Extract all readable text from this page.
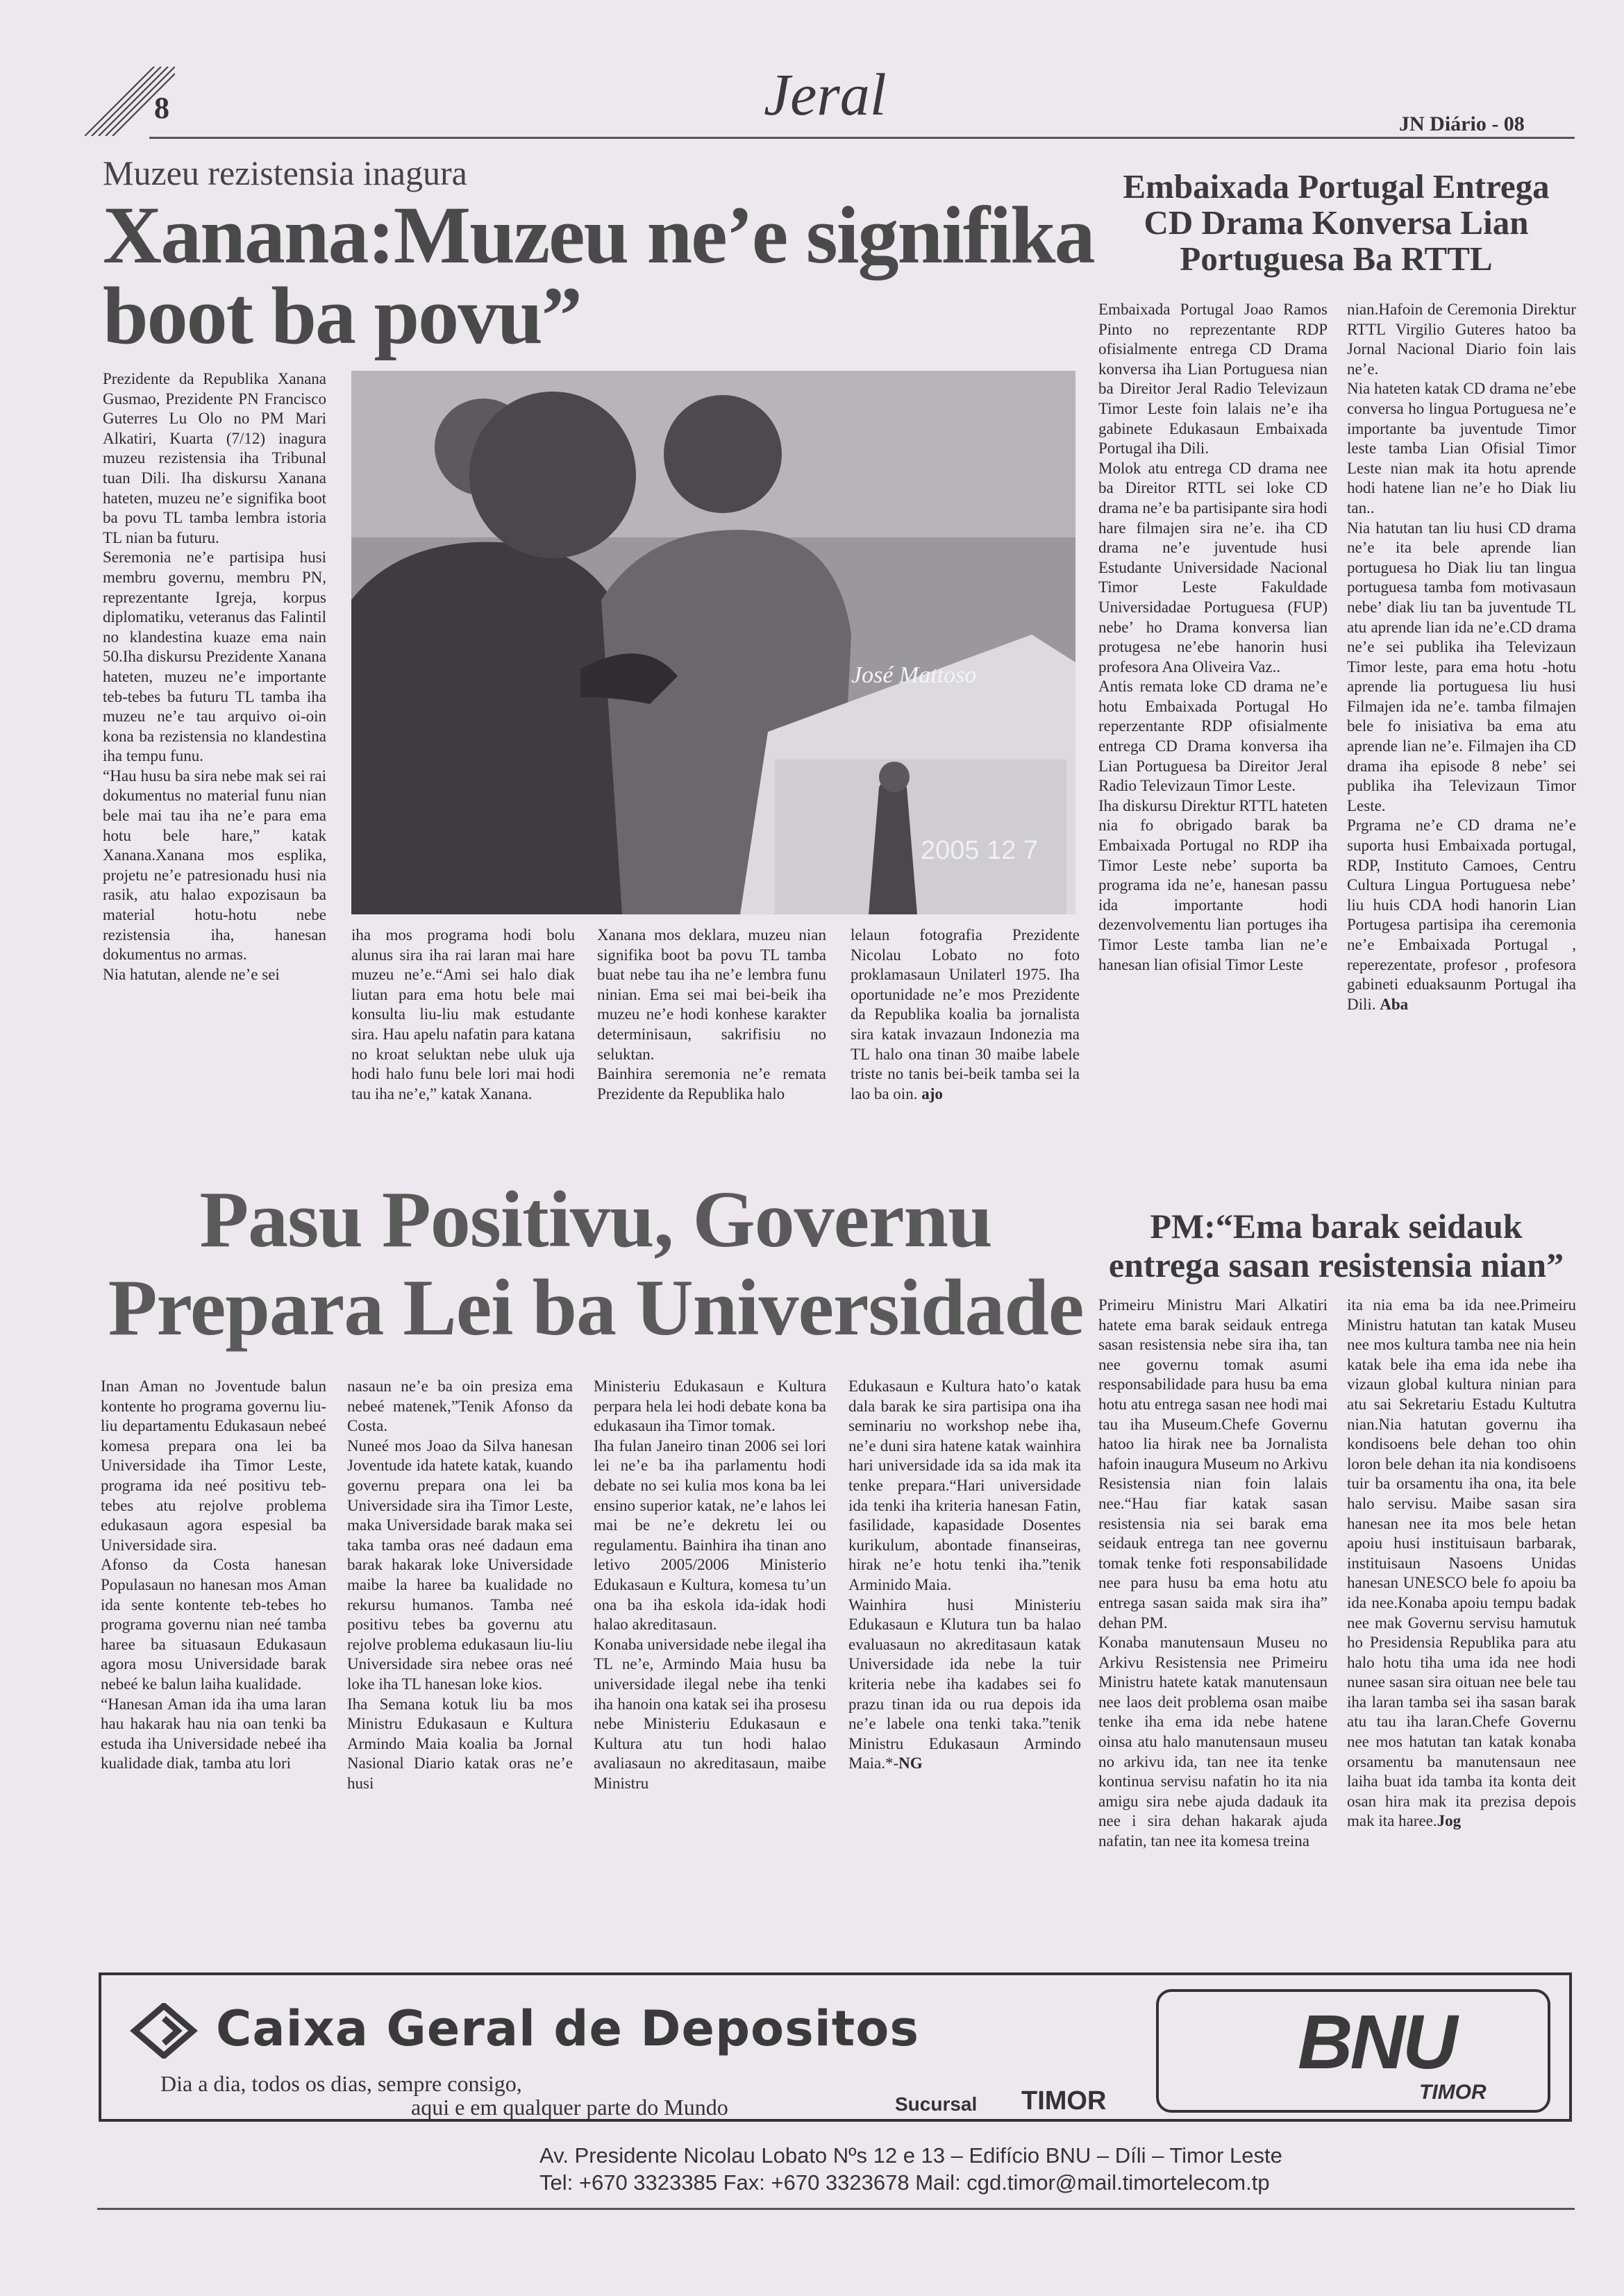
8	Jeral	JN Diário - 08
Muzeu rezistensia inagura
Xanana:Muzeu ne’e signifika
boot ba povu”
Prezidente da Republika Xanana Gusmao, Prezidente PN Francisco Guterres Lu Olo no PM Mari Alkatiri, Kuarta (7/12) inagura muzeu rezistensia iha Tribunal tuan Dili. Iha diskursu Xanana hateten, muzeu ne’e signifika boot ba povu TL tamba lembra istoria TL nian ba futuru.
Seremonia ne’e partisipa husi membru governu, membru PN, reprezentante Igreja, korpus diplomatiku, veteranus das Falintil no klandestina kuaze ema nain 50.Iha diskursu Prezidente Xanana hateten, muzeu ne’e importante teb-tebes ba futuru TL tamba iha muzeu ne’e tau arquivo oi-oin kona ba rezistensia no klandestina iha tempu funu.
“Hau husu ba sira nebe mak sei rai dokumentus no material funu nian bele mai tau iha ne’e para ema hotu bele hare,” katak Xanana.Xanana mos esplika, projetu ne’e patresionadu husi nia rasik, atu halao expozisaun ba material hotu-hotu nebe rezistensia iha, hanesan dokumentus no armas.
Nia hatutan, alende ne’e sei
José Mattoso
2005 12 7
iha mos programa hodi bolu alunus sira iha rai laran mai hare muzeu ne’e.“Ami sei halo diak liutan para ema hotu bele mai konsulta liu-liu mak estudante sira. Hau apelu nafatin para katana no kroat seluktan nebe uluk uja hodi halo funu bele lori mai hodi tau iha ne’e,” katak Xanana.
Xanana mos deklara, muzeu nian signifika boot ba povu TL tamba buat nebe tau iha ne’e lembra funu ninian. Ema sei mai bei-beik iha muzeu ne’e hodi konhese karakter determinisaun, sakrifisiu no seluktan.
Bainhira seremonia ne’e remata Prezidente da Republika halo
lelaun fotografia Prezidente Nicolau Lobato no foto proklamasaun Unilaterl 1975. Iha oportunidade ne’e mos Prezidente da Republika koalia ba jornalista sira katak invazaun Indonezia ma TL halo ona tinan 30 maibe labele triste no tanis bei-beik tamba sei la lao ba oin. ajo
Embaixada Portugal Entrega CD Drama Konversa Lian Portuguesa Ba RTTL
Embaixada Portugal Joao Ramos Pinto no reprezentante RDP ofisialmente entrega CD Drama konversa iha Lian Portuguesa nian ba Direitor Jeral Radio Televizaun Timor Leste foin lalais ne’e iha gabinete Edukasaun Embaixada Portugal iha Dili.
Molok atu entrega CD drama nee ba Direitor RTTL sei loke CD drama ne’e ba partisipante sira hodi hare filmajen sira ne’e. iha CD drama ne’e juventude husi Estudante Universidade Nacional Timor Leste Fakuldade Universidadae Portuguesa (FUP) nebe’ ho Drama konversa lian protugesa ne’ebe hanorin husi profesora Ana Oliveira Vaz..
Antis remata loke CD drama ne’e hotu Embaixada Portugal Ho reperzentante RDP ofisialmente entrega CD Drama konversa iha Lian Portuguesa ba Direitor Jeral Radio Televizaun Timor Leste.
Iha diskursu Direktur RTTL hateten nia fo obrigado barak ba Embaixada Portugal no RDP iha Timor Leste nebe’ suporta ba programa ida ne’e, hanesan passu ida importante hodi dezenvolvementu lian portuges iha Timor Leste tamba lian ne’e hanesan lian ofisial Timor Leste
nian.Hafoin de Ceremonia Direktur RTTL Virgilio Guteres hatoo ba Jornal Nacional Diario foin lais ne’e.
Nia hateten katak CD drama ne’ebe conversa ho lingua Portuguesa ne’e importante ba juventude Timor leste tamba Lian Ofisial Timor Leste nian mak ita hotu aprende hodi hatene lian ne’e ho Diak liu tan..
Nia hatutan tan liu husi CD drama ne’e ita bele aprende lian portuguesa ho Diak liu tan lingua portuguesa tamba fom motivasaun nebe’ diak liu tan ba juventude TL atu aprende lian ida ne’e.CD drama ne’e sei publika iha Televizaun Timor leste, para ema hotu -hotu aprende lia portuguesa liu husi Filmajen ida ne’e. tamba filmajen bele fo inisiativa ba ema atu aprende lian ne’e. Filmajen iha CD drama iha episode 8 nebe’ sei publika iha Televizaun Timor Leste.
Prgrama ne’e CD drama ne’e suporta husi Embaixada portugal, RDP, Instituto Camoes, Centru Cultura Lingua Portuguesa nebe’ liu huis CDA hodi hanorin Lian Portugesa partisipa iha ceremonia ne’e Embaixada Portugal , reperezentate, profesor , profesora gabineti eduaksaunm Portugal iha Dili. Aba
PM:“Ema barak seidauk entrega sasan resistensia nian”
Primeiru Ministru Mari Alkatiri hatete ema barak seidauk entrega sasan resistensia nebe sira iha, tan nee governu tomak asumi responsabilidade para husu ba ema hotu atu entrega sasan nee hodi mai tau iha Museum.Chefe Governu hatoo lia hirak nee ba Jornalista hafoin inaugura Museum no Arkivu Resistensia nian foin lalais nee.“Hau fiar katak sasan resistensia nia sei barak ema seidauk entrega tan nee governu tomak tenke foti responsabilidade nee para husu ba ema hotu atu entrega sasan saida mak sira iha” dehan PM.
Konaba manutensaun Museu no Arkivu Resistensia nee Primeiru Ministru hatete katak manutensaun nee laos deit problema osan maibe tenke iha ema ida nebe hatene oinsa atu halo manutensaun museu no arkivu ida, tan nee ita tenke kontinua servisu nafatin ho ita nia amigu sira nebe ajuda dadauk ita nee i sira dehan hakarak ajuda nafatin, tan nee ita komesa treina
ita nia ema ba ida nee.Primeiru Ministru hatutan tan katak Museu nee mos kultura tamba nee nia hein katak bele iha ema ida nebe iha vizaun global kultura ninian para atu sai Sekretariu Estadu Kultutra nian.Nia hatutan governu iha kondisoens bele dehan too ohin loron bele dehan ita nia kondisoens tuir ba orsamentu iha ona, ita bele halo servisu. Maibe sasan sira hanesan nee ita mos bele hetan apoiu husi instituisaun barbarak, instituisaun Nasoens Unidas hanesan UNESCO bele fo apoiu ba ida nee.Konaba apoiu tempu badak nee mak Governu servisu hamutuk ho Presidensia Republika para atu halo hotu tiha uma ida nee hodi nunee sasan sira oituan nee bele tau iha laran tamba sei iha sasan barak atu tau iha laran.Chefe Governu nee mos hatutan tan katak konaba orsamentu ba manutensaun nee laiha buat ida tamba ita konta deit osan hira mak ita prezisa depois mak ita haree.Jog
Pasu Positivu, Governu
Prepara Lei ba Universidade
Inan Aman no Joventude balun kontente ho programa governu liu-liu departamentu Edukasaun nebeé komesa prepara ona lei ba Universidade iha Timor Leste, programa ida neé positivu teb-tebes atu rejolve problema edukasaun agora espesial ba Universidade sira.
Afonso da Costa hanesan Populasaun no hanesan mos Aman ida sente kontente teb-tebes ho programa governu nian neé tamba haree ba situasaun Edukasaun agora mosu Universidade barak nebeé ke balun laiha kualidade.
“Hanesan Aman ida iha uma laran hau hakarak hau nia oan tenki ba estuda iha Universidade nebeé iha kualidade diak, tamba atu lori
nasaun ne’e ba oin presiza ema nebeé matenek,”Tenik Afonso da Costa.
Nuneé mos Joao da Silva hanesan Joventude ida hatete katak, kuando governu prepara ona lei ba Universidade sira iha Timor Leste, maka Universidade barak maka sei taka tamba oras neé dadaun ema barak hakarak loke Universidade maibe la haree ba kualidade no rekursu humanos. Tamba neé positivu tebes ba governu atu rejolve problema edukasaun liu-liu Universidade sira nebee oras neé loke iha TL hanesan loke kios.
Iha Semana kotuk liu ba mos Ministru Edukasaun e Kultura Armindo Maia koalia ba Jornal Nasional Diario katak oras ne’e husi
Ministeriu Edukasaun e Kultura perpara hela lei hodi debate kona ba edukasaun iha Timor tomak.
Iha fulan Janeiro tinan 2006 sei lori lei ne’e ba iha parlamentu hodi debate no sei kulia mos kona ba lei ensino superior katak, ne’e lahos lei mai be ne’e dekretu lei ou regulamentu. Bainhira iha tinan ano letivo 2005/2006 Ministerio Edukasaun e Kultura, komesa tu’un ona ba iha eskola ida-idak hodi halao akreditasaun.
Konaba universidade nebe ilegal iha TL ne’e, Armindo Maia husu ba universidade ilegal nebe iha tenki iha hanoin ona katak sei iha prosesu nebe Ministeriu Edukasaun e Kultura atu tun hodi halao avaliasaun no akreditasaun, maibe Ministru
Edukasaun e Kultura hato’o katak dala barak ke sira partisipa ona iha seminariu no workshop nebe iha, ne’e duni sira hatene katak wainhira hari universidade ida sa ida mak ita tenke prepara.“Hari universidade ida tenki iha kriteria hanesan Fatin, fasilidade, kapasidade Dosentes kurikulum, abontade finanseiras, hirak ne’e hotu tenki iha.”tenik Arminido Maia.
Wainhira husi Ministeriu Edukasaun e Klutura tun ba halao evaluasaun no akreditasaun katak Universidade ida nebe la tuir kriteria nebe iha kadabes sei fo prazu tinan ida ou rua depois ida ne’e labele ona tenki taka.”tenik Ministru Edukasaun Armindo Maia.*-NG
Caixa Geral de Depositos
Dia a dia, todos os dias, sempre consigo,
aqui e em qualquer parte do Mundo	Sucursal TIMOR
BNU
TIMOR
Av. Presidente Nicolau Lobato Nºs 12 e 13 – Edifício BNU – Díli – Timor Leste
Tel: +670 3323385 Fax: +670 3323678 Mail: cgd.timor@mail.timortelecom.tp
